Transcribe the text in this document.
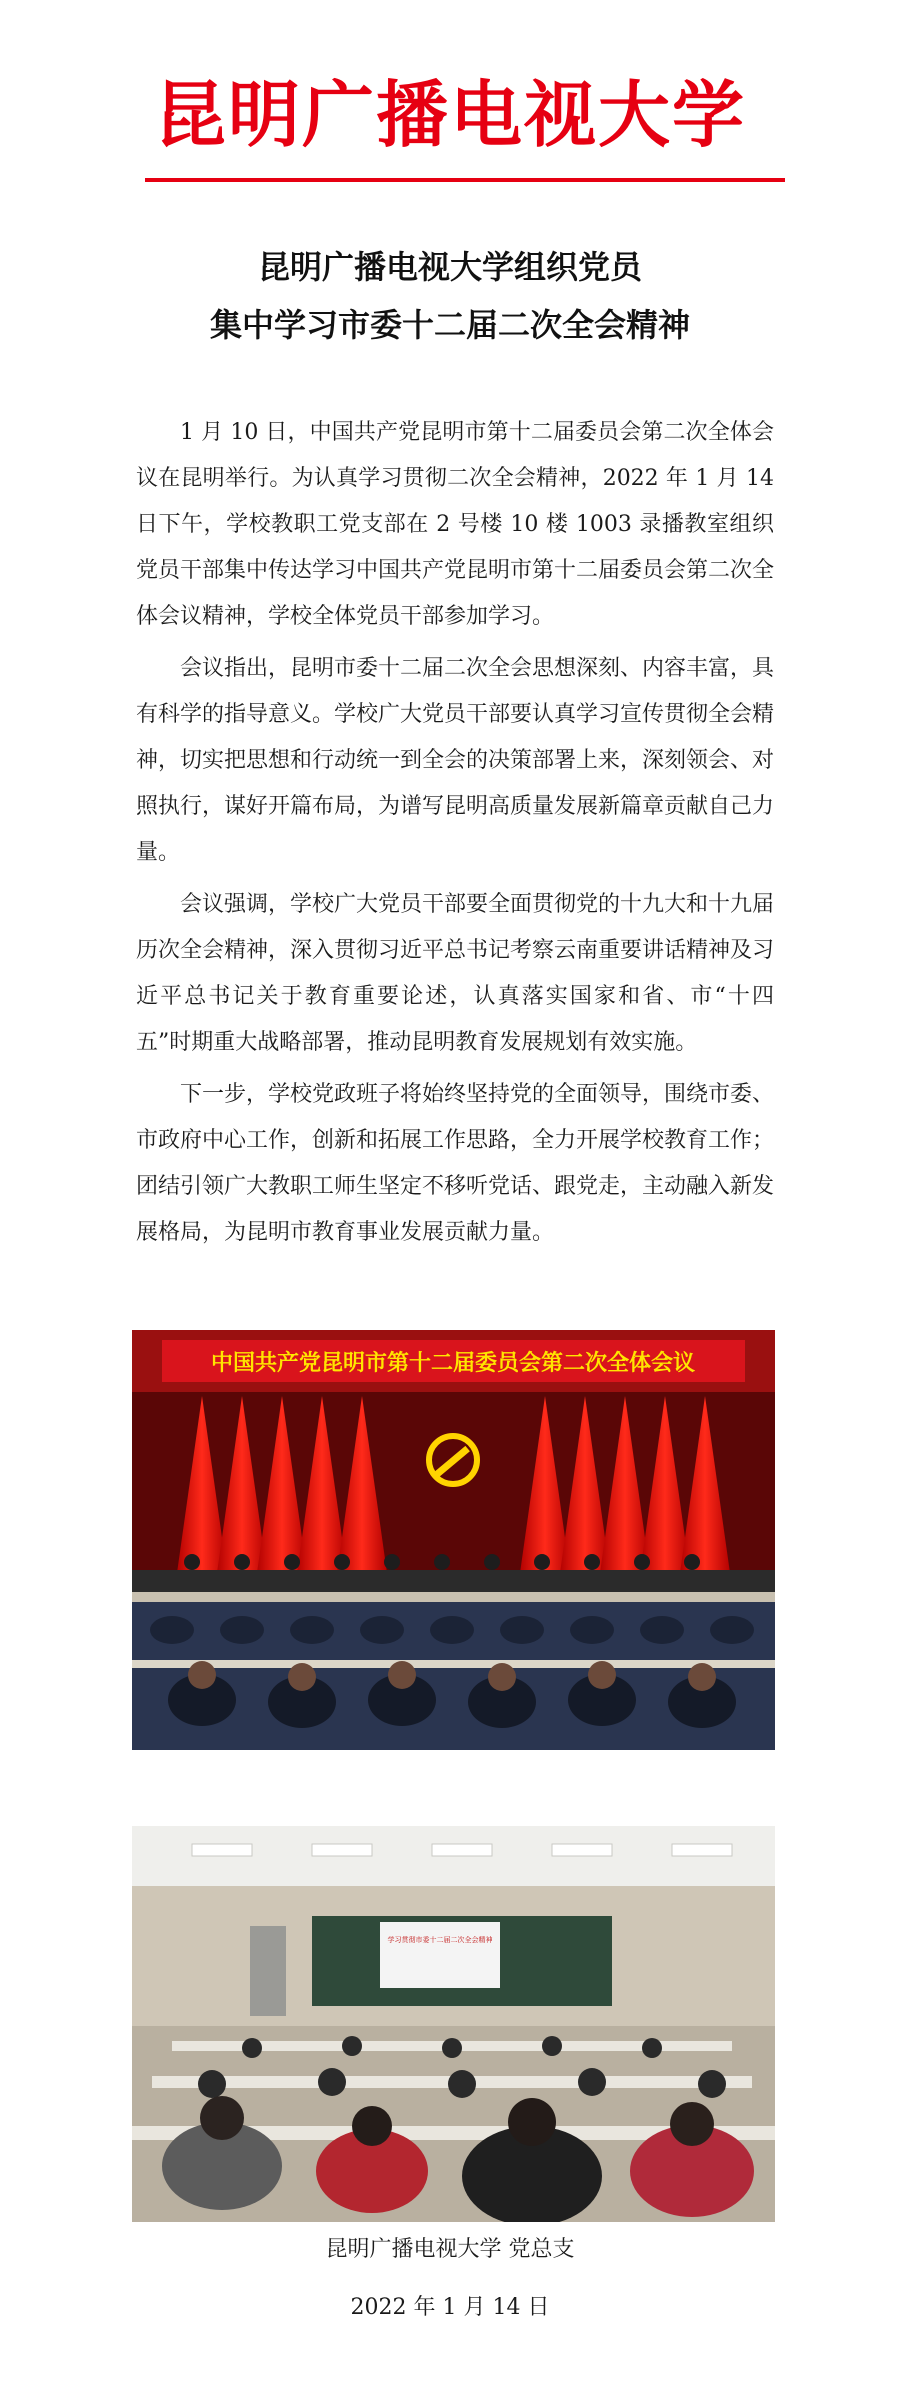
昆明广播电视大学
昆明广播电视大学组织党员
集中学习市委十二届二次全会精神

1 月 10 日，中国共产党昆明市第十二届委员会第二次全体会议在昆明举行。为认真学习贯彻二次全会精神，2022 年 1 月 14 日下午，学校教职工党支部在 2 号楼 10 楼 1003 录播教室组织党员干部集中传达学习中国共产党昆明市第十二届委员会第二次全体会议精神，学校全体党员干部参加学习。

会议指出，昆明市委十二届二次全会思想深刻、内容丰富，具有科学的指导意义。学校广大党员干部要认真学习宣传贯彻全会精神，切实把思想和行动统一到全会的决策部署上来，深刻领会、对照执行，谋好开篇布局，为谱写昆明高质量发展新篇章贡献自己力量。

会议强调，学校广大党员干部要全面贯彻党的十九大和十九届历次全会精神，深入贯彻习近平总书记考察云南重要讲话精神及习近平总书记关于教育重要论述，认真落实国家和省、市“十四五”时期重大战略部署，推动昆明教育发展规划有效实施。

下一步，学校党政班子将始终坚持党的全面领导，围绕市委、市政府中心工作，创新和拓展工作思路，全力开展学校教育工作；团结引领广大教职工师生坚定不移听党话、跟党走，主动融入新发展格局，为昆明市教育事业发展贡献力量。

中国共产党昆明市第十二届委员会第二次全体会议
学习贯彻市委十二届二次全会精神
昆明广播电视大学 党总支
2022 年 1 月 14 日
